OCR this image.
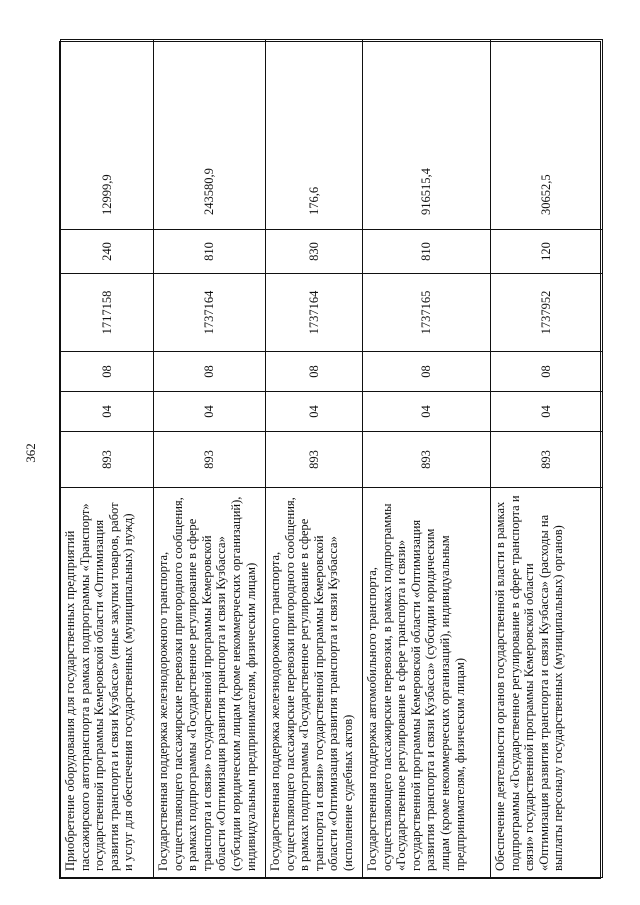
362
Приобретение оборудования для государственных предприятий пассажирского автотранспорта в рамках подпрограммы «Транспорт» государственной программы Кемеровской области «Оптимизация развития транспорта и связи Кузбасса» (иные закупки товаров, работ и услуг для обеспечения государственных (муниципальных) нужд)	893	04	08	1717158	240	12999,9
Государственная поддержка железнодорожного транспорта, осуществляющего пассажирские перевозки пригородного сообщения, в рамках подпрограммы «Государственное регулирование в сфере транспорта и связи» государственной программы Кемеровской области «Оптимизация развития транспорта и связи Кузбасса» (субсидии юридическим лицам (кроме некоммерческих организаций), индивидуальным предпринимателям, физическим лицам)	893	04	08	1737164	810	243580,9
Государственная поддержка железнодорожного транспорта, осуществляющего пассажирские перевозки пригородного сообщения, в рамках подпрограммы «Государственное регулирование в сфере транспорта и связи» государственной программы Кемеровской области «Оптимизация развития транспорта и связи Кузбасса» (исполнение судебных актов)	893	04	08	1737164	830	176,6
Государственная поддержка автомобильного транспорта, осуществляющего пассажирские перевозки, в рамках подпрограммы «Государственное регулирование в сфере транспорта и связи» государственной программы Кемеровской области «Оптимизация развития транспорта и связи Кузбасса» (субсидии юридическим лицам (кроме некоммерческих организаций), индивидуальным предпринимателям, физическим лицам)	893	04	08	1737165	810	916515,4
Обеспечение деятельности органов государственной власти в рамках подпрограммы «Государственное регулирование в сфере транспорта и связи» государственной программы Кемеровской области «Оптимизация развития транспорта и связи Кузбасса» (расходы на выплаты персоналу государственных (муниципальных) органов)	893	04	08	1737952	120	30652,5
